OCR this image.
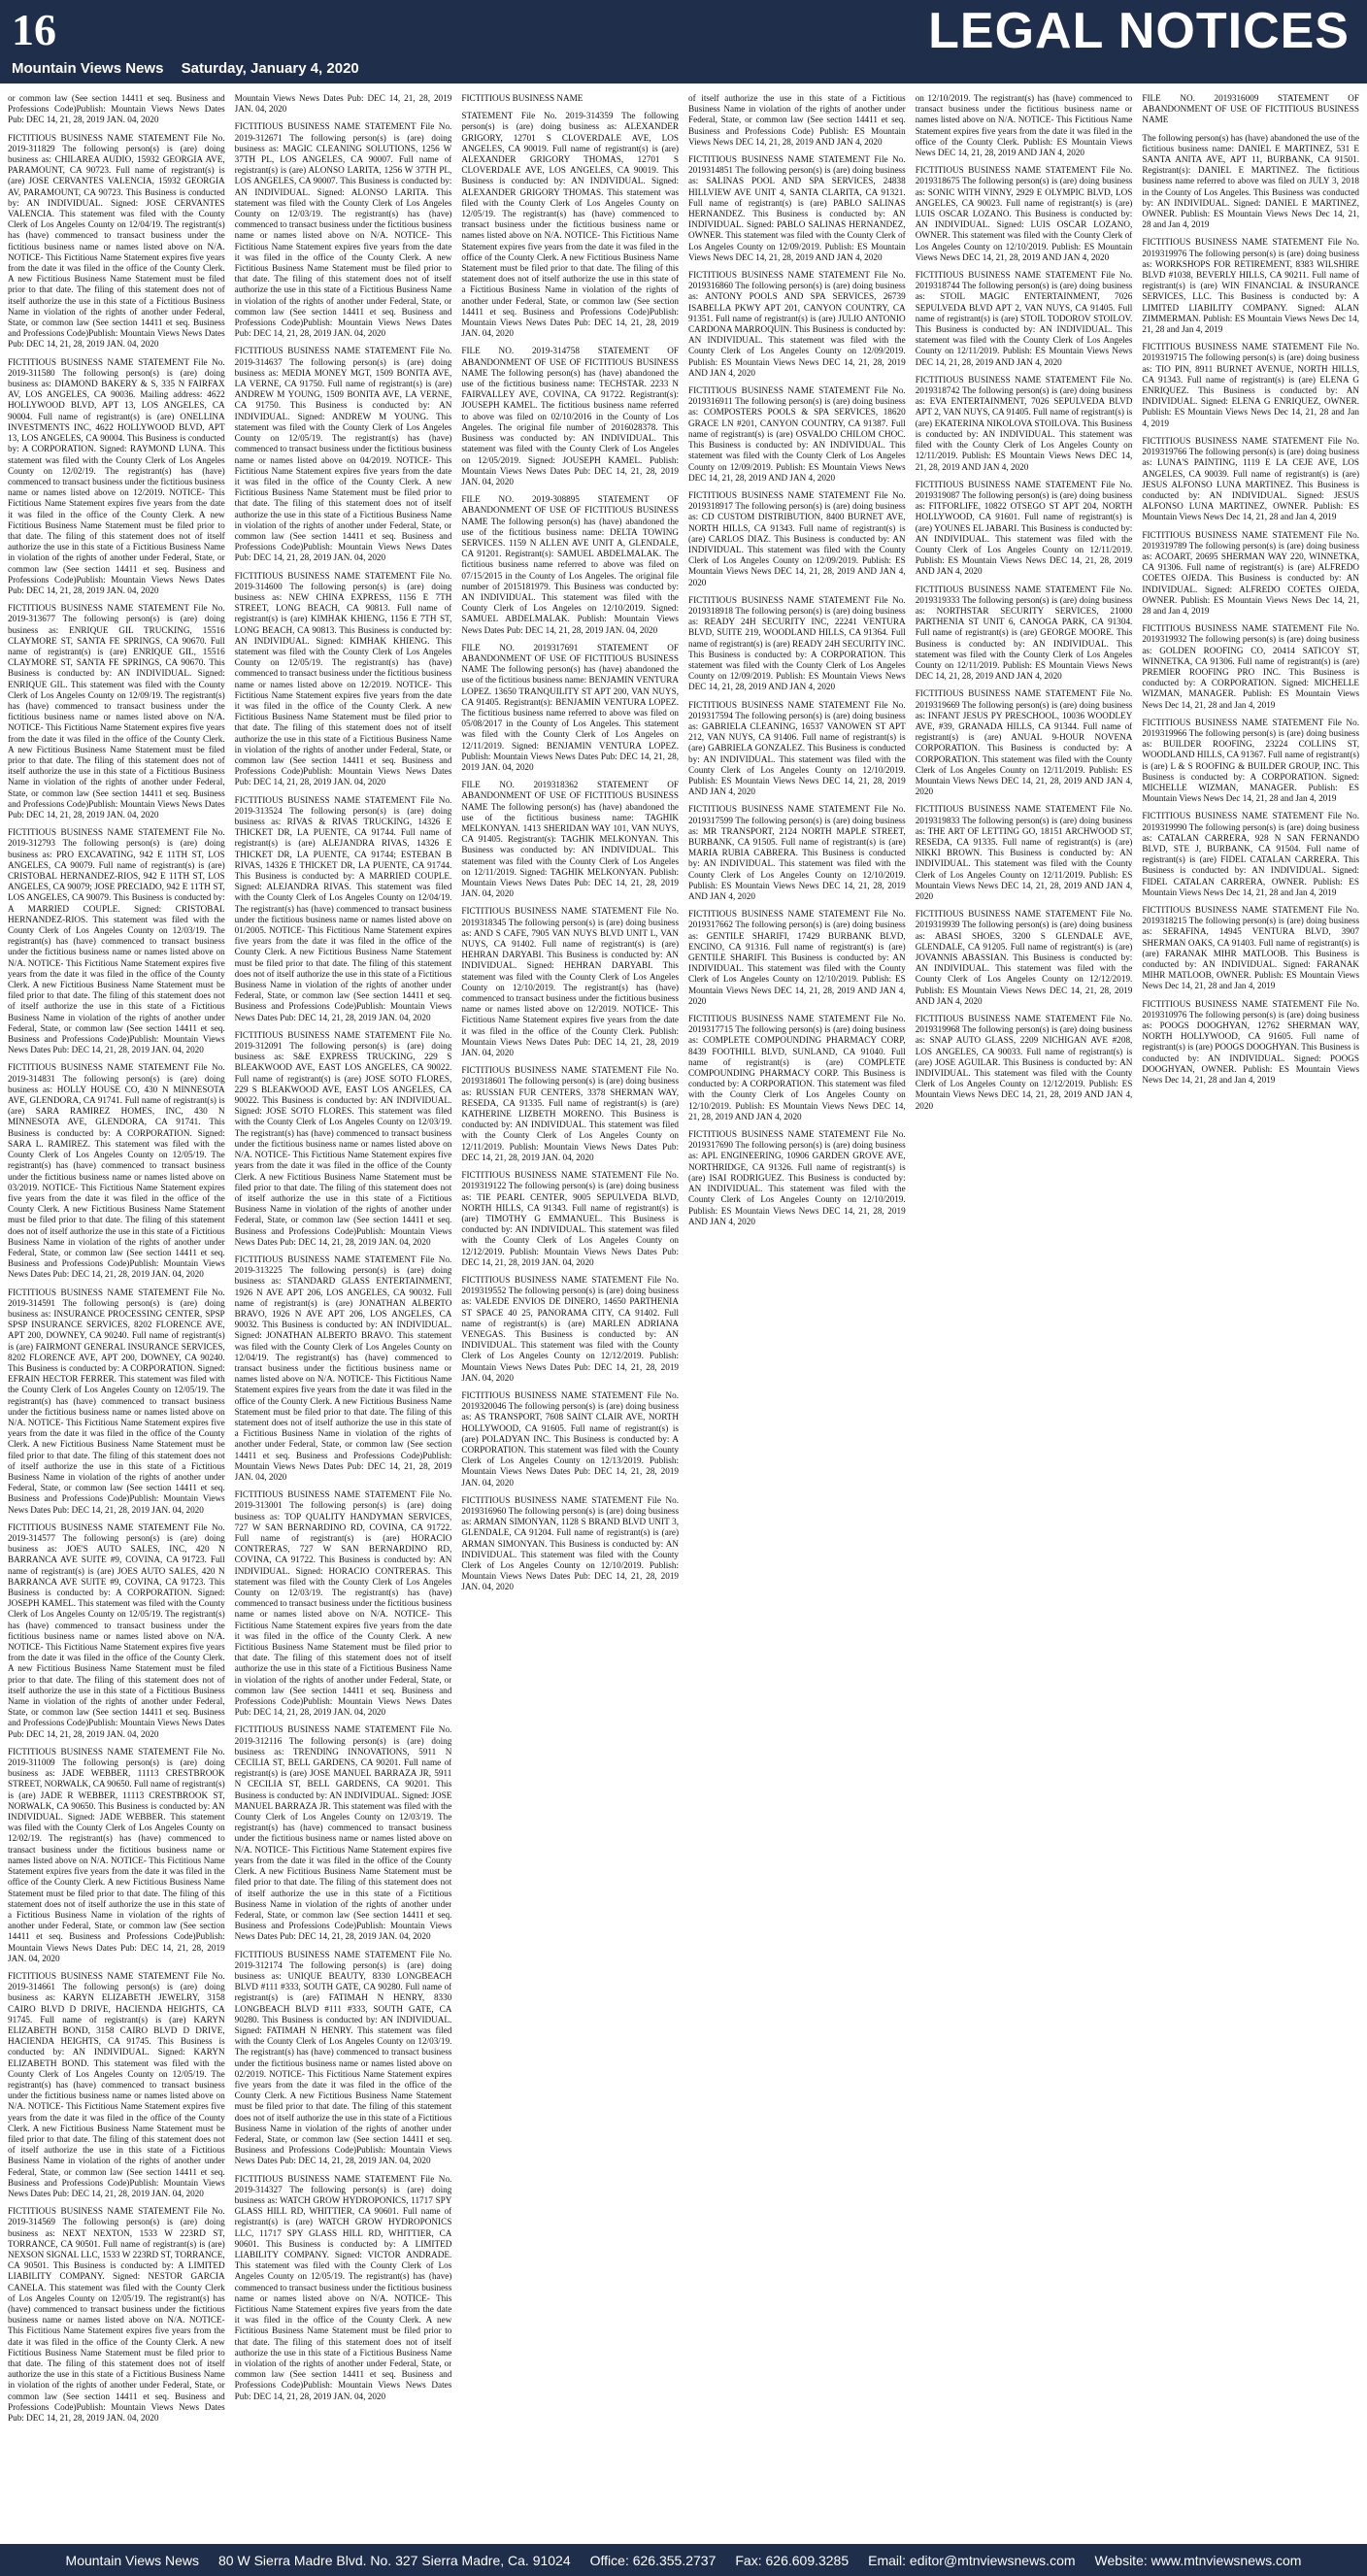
16	LEGAL NOTICES
Mountain Views News Saturday, January 4, 2020
or common law (See section 14411 et seq. Business and Professions Code)Publish: Mountain Views News Dates Pub: DEC 14, 21, 28, 2019 JAN. 04, 2020

FICTITIOUS BUSINESS NAME STATEMENT File No. 2019-311829 The following person(s) is (are) doing business as: CHILAREA AUDIO, 15932 GEORGIA AVE, PARAMOUNT, CA 90723. Full name of registrant(s) is (are) JOSE CERVANTES VALENCIA, 15932 GEORGIA AV, PARAMOUNT, CA 90723. This Business is conducted by: AN INDIVIDUAL. Signed: JOSE CERVANTES VALENCIA. This statement was filed with the County Clerk of Los Angeles County on 12/04/19. The registrant(s) has (have) commenced to transact business under the fictitious business name or names listed above on N/A. NOTICE- This Fictitious Name Statement expires five years from the date it was filed in the office of the County Clerk. A new Fictitious Business Name Statement must be filed prior to that date. The filing of this statement does not of itself authorize the use in this state of a Fictitious Business Name in violation of the rights of another under Federal, State, or common law (See section 14411 et seq. Business and Professions Code)Publish: Mountain Views News Dates Pub: DEC 14, 21, 28, 2019 JAN. 04, 2020

FICTITIOUS BUSINESS NAME STATEMENT File No. 2019-311580 The following person(s) is (are) doing business as: DIAMOND BAKERY & S, 335 N FAIRFAX AV, LOS ANGELES, CA 90036. Mailing address: 4622 HOLLYWOOD BLVD, APT 13, LOS ANGELES, CA 90004. Full name of registrant(s) is (are) ONELLINA INVESTMENTS INC, 4622 HOLLYWOOD BLVD, APT 13, LOS ANGELES, CA 90004. This Business is conducted by: A CORPORATION. Signed: RAYMOND LUNA. This statement was filed with the County Clerk of Los Angeles County on 12/02/19. The registrant(s) has (have) commenced to transact business under the fictitious business name or names listed above on 12/2019. NOTICE- This Fictitious Name Statement expires five years from the date it was filed in the office of the County Clerk. A new Fictitious Business Name Statement must be filed prior to that date. The filing of this statement does not of itself authorize the use in this state of a Fictitious Business Name in violation of the rights of another under Federal, State, or common law (See section 14411 et seq. Business and Professions Code)Publish: Mountain Views News Dates Pub: DEC 14, 21, 28, 2019 JAN. 04, 2020

FICTITIOUS BUSINESS NAME STATEMENT File No. 2019-313677 The following person(s) is (are) doing business as: ENRIQUE GIL TRUCKING, 15516 CLAYMORE ST, SANTA FE SPRINGS, CA 90670. Full name of registrant(s) is (are) ENRIQUE GIL, 15516 CLAYMORE ST, SANTA FE SPRINGS, CA 90670. This Business is conducted by: AN INDIVIDUAL. Signed: ENRIQUE GIL. This statement was filed with the County Clerk of Los Angeles County on 12/09/19. The registrant(s) has (have) commenced to transact business under the fictitious business name or names listed above on N/A. NOTICE- This Fictitious Name Statement expires five years from the date it was filed in the office of the County Clerk. A new Fictitious Business Name Statement must be filed prior to that date. The filing of this statement does not of itself authorize the use in this state of a Fictitious Business Name in violation of the rights of another under Federal, State, or common law (See section 14411 et seq. Business and Professions Code)Publish: Mountain Views News Dates Pub: DEC 14, 21, 28, 2019 JAN. 04, 2020

FICTITIOUS BUSINESS NAME STATEMENT File No. 2019-312793 The following person(s) is (are) doing business as: PRO EXCAVATING, 942 E 11TH ST, LOS ANGELES, CA 90079. Full name of registrant(s) is (are) CRISTOBAL HERNANDEZ-RIOS, 942 E 11TH ST, LOS ANGELES, CA 90079; JOSE PRECIADO, 942 E 11TH ST, LOS ANGELES, CA 90079. This Business is conducted by: A MARRIED COUPLE. Signed: CRISTOBAL HERNANDEZ-RIOS. This statement was filed with the County Clerk of Los Angeles County on 12/03/19. The registrant(s) has (have) commenced to transact business under the fictitious business name or names listed above on N/A. NOTICE- This Fictitious Name Statement expires five years from the date it was filed in the office of the County Clerk. A new Fictitious Business Name Statement must be filed prior to that date. The filing of this statement does not of itself authorize the use in this state of a Fictitious Business Name in violation of the rights of another under Federal, State, or common law (See section 14411 et seq. Business and Professions Code)Publish: Mountain Views News Dates Pub: DEC 14, 21, 28, 2019 JAN. 04, 2020

FICTITIOUS BUSINESS NAME STATEMENT File No. 2019-314831 The following person(s) is (are) doing business as: HOLLY HOUSE CO, 430 N MINNESOTA AVE, GLENDORA, CA 91741. Full name of registrant(s) is (are) SARA RAMIREZ HOMES, INC, 430 N MINNESOTA AVE, GLENDORA, CA 91741. This Business is conducted by: A CORPORATION. Signed: SARA L. RAMIREZ. This statement was filed with the County Clerk of Los Angeles County on 12/05/19. The registrant(s) has (have) commenced to transact business under the fictitious business name or names listed above on 03/2019. NOTICE- This Fictitious Name Statement expires five years from the date it was filed in the office of the County Clerk. A new Fictitious Business Name Statement must be filed prior to that date. The filing of this statement does not of itself authorize the use in this state of a Fictitious Business Name in violation of the rights of another under Federal, State, or common law (See section 14411 et seq. Business and Professions Code)Publish: Mountain Views News Dates Pub: DEC 14, 21, 28, 2019 JAN. 04, 2020

FICTITIOUS BUSINESS NAME STATEMENT File No. 2019-314591 The following person(s) is (are) doing business as: INSURANCE PROCESSING CENTER, SPSP SPSP INSURANCE SERVICES, 8202 FLORENCE AVE, APT 200, DOWNEY, CA 90240. Full name of registrant(s) is (are) FAIRMONT GENERAL INSURANCE SERVICES, 8202 FLORENCE AVE, APT 200, DOWNEY, CA 90240. This Business is conducted by: A CORPORATION. Signed: EFRAIN HECTOR FERRER. This statement was filed with the County Clerk of Los Angeles County on 12/05/19. The registrant(s) has (have) commenced to transact business under the fictitious business name or names listed above on N/A. NOTICE- This Fictitious Name Statement expires five years from the date it was filed in the office of the County Clerk. A new Fictitious Business Name Statement must be filed prior to that date. The filing of this statement does not of itself authorize the use in this state of a Fictitious Business Name in violation of the rights of another under Federal, State, or common law (See section 14411 et seq. Business and Professions Code)Publish: Mountain Views News Dates Pub: DEC 14, 21, 28, 2019 JAN. 04, 2020

FICTITIOUS BUSINESS NAME STATEMENT File No. 2019-314577 The following person(s) is (are) doing business as: JOE'S AUTO SALES, INC, 420 N BARRANCA AVE SUITE #9, COVINA, CA 91723. Full name of registrant(s) is (are) JOES AUTO SALES, 420 N BARRANCA AVE SUITE #9, COVINA, CA 91723. This Business is conducted by: A CORPORATION. Signed: JOSEPH KAMEL. This statement was filed with the County Clerk of Los Angeles County on 12/05/19. The registrant(s) has (have) commenced to transact business under the fictitious business name or names listed above on N/A. NOTICE- This Fictitious Name Statement expires five years from the date it was filed in the office of the County Clerk. A new Fictitious Business Name Statement must be filed prior to that date. The filing of this statement does not of itself authorize the use in this state of a Fictitious Business Name in violation of the rights of another under Federal, State, or common law (See section 14411 et seq. Business and Professions Code)Publish: Mountain Views News Dates Pub: DEC 14, 21, 28, 2019 JAN. 04, 2020

FICTITIOUS BUSINESS NAME STATEMENT File No. 2019-311009 The following person(s) is (are) doing business as: JADE WEBBER, 11113 CRESTBROOK STREET, NORWALK, CA 90650. Full name of registrant(s) is (are) JADE R WEBBER, 11113 CRESTBROOK ST, NORWALK, CA 90650. This Business is conducted by: AN INDIVIDUAL. Signed: JADE WEBBER. This statement was filed with the County Clerk of Los Angeles County on 12/02/19. The registrant(s) has (have) commenced to transact business under the fictitious business name or names listed above on N/A. NOTICE- This Fictitious Name Statement expires five years from the date it was filed in the office of the County Clerk. A new Fictitious Business Name Statement must be filed prior to that date. The filing of this statement does not of itself authorize the use in this state of a Fictitious Business Name in violation of the rights of another under Federal, State, or common law (See section 14411 et seq. Business and Professions Code)Publish: Mountain Views News Dates Pub: DEC 14, 21, 28, 2019 JAN. 04, 2020

FICTITIOUS BUSINESS NAME STATEMENT File No. 2019-314661 The following person(s) is (are) doing business as: KARYN ELIZABETH JEWELRY, 3158 CAIRO BLVD D DRIVE, HACIENDA HEIGHTS, CA 91745. Full name of registrant(s) is (are) KARYN ELIZABETH BOND, 3158 CAIRO BLVD D DRIVE, HACIENDA HEIGHTS, CA 91745. This Business is conducted by: AN INDIVIDUAL. Signed: KARYN ELIZABETH BOND. This statement was filed with the County Clerk of Los Angeles County on 12/05/19. The registrant(s) has (have) commenced to transact business under the fictitious business name or names listed above on N/A. NOTICE- This Fictitious Name Statement expires five years from the date it was filed in the office of the County Clerk. A new Fictitious Business Name Statement must be filed prior to that date. The filing of this statement does not of itself authorize the use in this state of a Fictitious Business Name in violation of the rights of another under Federal, State, or common law (See section 14411 et seq. Business and Professions Code)Publish: Mountain Views News Dates Pub: DEC 14, 21, 28, 2019 JAN. 04, 2020

FICTITIOUS BUSINESS NAME STATEMENT File No. 2019-314569 The following person(s) is (are) doing business as: NEXT NEXTON, 1533 W 223RD ST, TORRANCE, CA 90501. Full name of registrant(s) is (are) NEXSON SIGNAL LLC, 1533 W 223RD ST, TORRANCE, CA 90501. This Business is conducted by: A LIMITED LIABILITY COMPANY. Signed: NESTOR GARCIA CANELA. This statement was filed with the County Clerk of Los Angeles County on 12/05/19. The registrant(s) has (have) commenced to transact business under the fictitious business name or names listed above on N/A. NOTICE- This Fictitious Name Statement expires five years from the date it was filed in the office of the County Clerk. A new Fictitious Business Name Statement must be filed prior to that date. The filing of this statement does not of itself authorize the use in this state of a Fictitious Business Name in violation of the rights of another under Federal, State, or common law (See section 14411 et seq. Business and Professions Code)Publish: Mountain Views News Dates Pub: DEC 14, 21, 28, 2019 JAN. 04, 2020

Mountain Views News Dates Pub: DEC 14, 21, 28, 2019 JAN. 04, 2020

FICTITIOUS BUSINESS NAME STATEMENT File No. 2019-312671 The following person(s) is (are) doing business as: MAGIC CLEANING SOLUTIONS, 1256 W 37TH PL, LOS ANGELES, CA 90007. Full name of registrant(s) is (are) ALONSO LARITA, 1256 W 37TH PL, LOS ANGELES, CA 90007. This Business is conducted by: AN INDIVIDUAL. Signed: ALONSO LARITA. This statement was filed with the County Clerk of Los Angeles County on 12/03/19. The registrant(s) has (have) commenced to transact business under the fictitious business name or names listed above on N/A. NOTICE- This Fictitious Name Statement expires five years from the date it was filed in the office of the County Clerk. A new Fictitious Business Name Statement must be filed prior to that date. The filing of this statement does not of itself authorize the use in this state of a Fictitious Business Name in violation of the rights of another under Federal, State, or common law (See section 14411 et seq. Business and Professions Code)Publish: Mountain Views News Dates Pub: DEC 14, 21, 28, 2019 JAN. 04, 2020

FICTITIOUS BUSINESS NAME STATEMENT File No. 2019-314637 The following person(s) is (are) doing business as: MEDIA MONEY MGT, 1509 BONITA AVE, LA VERNE, CA 91750. Full name of registrant(s) is (are) ANDREW M YOUNG, 1509 BONITA AVE, LA VERNE, CA 91750. This Business is conducted by: AN INDIVIDUAL. Signed: ANDREW M YOUNG. This statement was filed with the County Clerk of Los Angeles County on 12/05/19. The registrant(s) has (have) commenced to transact business under the fictitious business name or names listed above on 04/2019. NOTICE- This Fictitious Name Statement expires five years from the date it was filed in the office of the County Clerk. A new Fictitious Business Name Statement must be filed prior to that date. The filing of this statement does not of itself authorize the use in this state of a Fictitious Business Name in violation of the rights of another under Federal, State, or common law (See section 14411 et seq. Business and Professions Code)Publish: Mountain Views News Dates Pub: DEC 14, 21, 28, 2019 JAN. 04, 2020

FICTITIOUS BUSINESS NAME STATEMENT File No. 2019-314600 The following person(s) is (are) doing business as: NEW CHINA EXPRESS, 1156 E 7TH STREET, LONG BEACH, CA 90813. Full name of registrant(s) is (are) KIMHAK KHIENG, 1156 E 7TH ST, LONG BEACH, CA 90813. This Business is conducted by: AN INDIVIDUAL. Signed: KIMHAK KHIENG. This statement was filed with the County Clerk of Los Angeles County on 12/05/19. The registrant(s) has (have) commenced to transact business under the fictitious business name or names listed above on 12/2019. NOTICE- This Fictitious Name Statement expires five years from the date it was filed in the office of the County Clerk. A new Fictitious Business Name Statement must be filed prior to that date. The filing of this statement does not of itself authorize the use in this state of a Fictitious Business Name in violation of the rights of another under Federal, State, or common law (See section 14411 et seq. Business and Professions Code)Publish: Mountain Views News Dates Pub: DEC 14, 21, 28, 2019 JAN. 04, 2020

FICTITIOUS BUSINESS NAME STATEMENT File No. 2019-313524 The following person(s) is (are) doing business as: RIVAS & RIVAS TRUCKING, 14326 E THICKET DR, LA PUENTE, CA 91744. Full name of registrant(s) is (are) ALEJANDRA RIVAS, 14326 E THICKET DR, LA PUENTE, CA 91744; ESTEBAN B RIVAS, 14326 E THICKET DR, LA PUENTE, CA 91744. This Business is conducted by: A MARRIED COUPLE. Signed: ALEJANDRA RIVAS. This statement was filed with the County Clerk of Los Angeles County on 12/04/19. The registrant(s) has (have) commenced to transact business under the fictitious business name or names listed above on 01/2005. NOTICE- This Fictitious Name Statement expires five years from the date it was filed in the office of the County Clerk. A new Fictitious Business Name Statement must be filed prior to that date. The filing of this statement does not of itself authorize the use in this state of a Fictitious Business Name in violation of the rights of another under Federal, State, or common law (See section 14411 et seq. Business and Professions Code)Publish: Mountain Views News Dates Pub: DEC 14, 21, 28, 2019 JAN. 04, 2020

FICTITIOUS BUSINESS NAME STATEMENT File No. 2019-312091 The following person(s) is (are) doing business as: S&E EXPRESS TRUCKING, 229 S BLEAKWOOD AVE, EAST LOS ANGELES, CA 90022. Full name of registrant(s) is (are) JOSE SOTO FLORES, 229 S BLEAKWOOD AVE, EAST LOS ANGELES, CA 90022. This Business is conducted by: AN INDIVIDUAL. Signed: JOSE SOTO FLORES. This statement was filed with the County Clerk of Los Angeles County on 12/03/19. The registrant(s) has (have) commenced to transact business under the fictitious business name or names listed above on N/A. NOTICE- This Fictitious Name Statement expires five years from the date it was filed in the office of the County Clerk. A new Fictitious Business Name Statement must be filed prior to that date. The filing of this statement does not of itself authorize the use in this state of a Fictitious Business Name in violation of the rights of another under Federal, State, or common law (See section 14411 et seq. Business and Professions Code)Publish: Mountain Views News Dates Pub: DEC 14, 21, 28, 2019 JAN. 04, 2020

FICTITIOUS BUSINESS NAME STATEMENT File No. 2019-313225 The following person(s) is (are) doing business as: STANDARD GLASS ENTERTAINMENT, 1926 N AVE APT 206, LOS ANGELES, CA 90032. Full name of registrant(s) is (are) JONATHAN ALBERTO BRAVO, 1926 N AVE APT 206, LOS ANGELES, CA 90032. This Business is conducted by: AN INDIVIDUAL. Signed: JONATHAN ALBERTO BRAVO. This statement was filed with the County Clerk of Los Angeles County on 12/04/19. The registrant(s) has (have) commenced to transact business under the fictitious business name or names listed above on N/A. NOTICE- This Fictitious Name Statement expires five years from the date it was filed in the office of the County Clerk. A new Fictitious Business Name Statement must be filed prior to that date. The filing of this statement does not of itself authorize the use in this state of a Fictitious Business Name in violation of the rights of another under Federal, State, or common law (See section 14411 et seq. Business and Professions Code)Publish: Mountain Views News Dates Pub: DEC 14, 21, 28, 2019 JAN. 04, 2020

FICTITIOUS BUSINESS NAME STATEMENT File No. 2019-313001 The following person(s) is (are) doing business as: TOP QUALITY HANDYMAN SERVICES, 727 W SAN BERNARDINO RD, COVINA, CA 91722. Full name of registrant(s) is (are) HORACIO CONTRERAS, 727 W SAN BERNARDINO RD, COVINA, CA 91722. This Business is conducted by: AN INDIVIDUAL. Signed: HORACIO CONTRERAS. This statement was filed with the County Clerk of Los Angeles County on 12/03/19. The registrant(s) has (have) commenced to transact business under the fictitious business name or names listed above on N/A. NOTICE- This Fictitious Name Statement expires five years from the date it was filed in the office of the County Clerk. A new Fictitious Business Name Statement must be filed prior to that date. The filing of this statement does not of itself authorize the use in this state of a Fictitious Business Name in violation of the rights of another under Federal, State, or common law (See section 14411 et seq. Business and Professions Code)Publish: Mountain Views News Dates Pub: DEC 14, 21, 28, 2019 JAN. 04, 2020

FICTITIOUS BUSINESS NAME STATEMENT File No. 2019-312116 The following person(s) is (are) doing business as: TRENDING INNOVATIONS, 5911 N CECILIA ST, BELL GARDENS, CA 90201. Full name of registrant(s) is (are) JOSE MANUEL BARRAZA JR, 5911 N CECILIA ST, BELL GARDENS, CA 90201. This Business is conducted by: AN INDIVIDUAL. Signed: JOSE MANUEL BARRAZA JR. This statement was filed with the County Clerk of Los Angeles County on 12/03/19. The registrant(s) has (have) commenced to transact business under the fictitious business name or names listed above on N/A. NOTICE- This Fictitious Name Statement expires five years from the date it was filed in the office of the County Clerk. A new Fictitious Business Name Statement must be filed prior to that date. The filing of this statement does not of itself authorize the use in this state of a Fictitious Business Name in violation of the rights of another under Federal, State, or common law (See section 14411 et seq. Business and Professions Code)Publish: Mountain Views News Dates Pub: DEC 14, 21, 28, 2019 JAN. 04, 2020

FICTITIOUS BUSINESS NAME STATEMENT File No. 2019-312174 The following person(s) is (are) doing business as: UNIQUE BEAUTY, 8330 LONGBEACH BLVD #111 #333, SOUTH GATE, CA 90280. Full name of registrant(s) is (are) FATIMAH N HENRY, 8330 LONGBEACH BLVD #111 #333, SOUTH GATE, CA 90280. This Business is conducted by: AN INDIVIDUAL. Signed: FATIMAH N HENRY. This statement was filed with the County Clerk of Los Angeles County on 12/03/19. The registrant(s) has (have) commenced to transact business under the fictitious business name or names listed above on 02/2019. NOTICE- This Fictitious Name Statement expires five years from the date it was filed in the office of the County Clerk. A new Fictitious Business Name Statement must be filed prior to that date. The filing of this statement does not of itself authorize the use in this state of a Fictitious Business Name in violation of the rights of another under Federal, State, or common law (See section 14411 et seq. Business and Professions Code)Publish: Mountain Views News Dates Pub: DEC 14, 21, 28, 2019 JAN. 04, 2020

FICTITIOUS BUSINESS NAME STATEMENT File No. 2019-314327 The following person(s) is (are) doing business as: WATCH GROW HYDROPONICS, 11717 SPY GLASS HILL RD, WHITTIER, CA 90601. Full name of registrant(s) is (are) WATCH GROW HYDROPONICS LLC, 11717 SPY GLASS HILL RD, WHITTIER, CA 90601. This Business is conducted by: A LIMITED LIABILITY COMPANY. Signed: VICTOR ANDRADE. This statement was filed with the County Clerk of Los Angeles County on 12/05/19. The registrant(s) has (have) commenced to transact business under the fictitious business name or names listed above on N/A. NOTICE- This Fictitious Name Statement expires five years from the date it was filed in the office of the County Clerk. A new Fictitious Business Name Statement must be filed prior to that date. The filing of this statement does not of itself authorize the use in this state of a Fictitious Business Name in violation of the rights of another under Federal, State, or common law (See section 14411 et seq. Business and Professions Code)Publish: Mountain Views News Dates Pub: DEC 14, 21, 28, 2019 JAN. 04, 2020

FICTITIOUS BUSINESS NAME

STATEMENT File No. 2019-314359 The following person(s) is (are) doing business as: ALEXANDER GRIGORY, 12701 S CLOVERDALE AVE, LOS ANGELES, CA 90019. Full name of registrant(s) is (are) ALEXANDER GRIGORY THOMAS, 12701 S CLOVERDALE AVE, LOS ANGELES, CA 90019. This Business is conducted by: AN INDIVIDUAL. Signed: ALEXANDER GRIGORY THOMAS. This statement was filed with the County Clerk of Los Angeles County on 12/05/19. The registrant(s) has (have) commenced to transact business under the fictitious business name or names listed above on N/A. NOTICE- This Fictitious Name Statement expires five years from the date it was filed in the office of the County Clerk. A new Fictitious Business Name Statement must be filed prior to that date. The filing of this statement does not of itself authorize the use in this state of a Fictitious Business Name in violation of the rights of another under Federal, State, or common law (See section 14411 et seq. Business and Professions Code)Publish: Mountain Views News Dates Pub: DEC 14, 21, 28, 2019 JAN. 04, 2020

FILE NO. 2019-314758 STATEMENT OF ABANDONMENT OF USE OF FICTITIOUS BUSINESS NAME The following person(s) has (have) abandoned the use of the fictitious business name: TECHSTAR. 2233 N FAIRVALLEY AVE, COVINA, CA 91722. Registrant(s): JOUSEPH KAMEL. The fictitious business name referred to above was filed on 02/10/2016 in the County of Los Angeles. The original file number of 2016028378. This Business was conducted by: AN INDIVIDUAL. This statement was filed with the County Clerk of Los Angeles on 12/05/2019. Signed: JOUSEPH KAMEL. Publish: Mountain Views News Dates Pub: DEC 14, 21, 28, 2019 JAN. 04, 2020

FILE NO. 2019-308895 STATEMENT OF ABANDONMENT OF USE OF FICTITIOUS BUSINESS NAME The following person(s) has (have) abandoned the use of the fictitious business name: DELTA TOWING SERVICES. 1159 N ALLEN AVE UNIT A, GLENDALE, CA 91201. Registrant(s): SAMUEL ABDELMALAK. The fictitious business name referred to above was filed on 07/15/2015 in the County of Los Angeles. The original file number of 2015181979. This Business was conducted by: AN INDIVIDUAL. This statement was filed with the County Clerk of Los Angeles on 12/10/2019. Signed: SAMUEL ABDELMALAK. Publish: Mountain Views News Dates Pub: DEC 14, 21, 28, 2019 JAN. 04, 2020

FILE NO. 2019317691 STATEMENT OF ABANDONMENT OF USE OF FICTITIOUS BUSINESS NAME The following person(s) has (have) abandoned the use of the fictitious business name: BENJAMIN VENTURA LOPEZ. 13650 TRANQUILITY ST APT 200, VAN NUYS, CA 91405. Registrant(s): BENJAMIN VENTURA LOPEZ. The fictitious business name referred to above was filed on 05/08/2017 in the County of Los Angeles. This statement was filed with the County Clerk of Los Angeles on 12/11/2019. Signed: BENJAMIN VENTURA LOPEZ. Publish: Mountain Views News Dates Pub: DEC 14, 21, 28, 2019 JAN. 04, 2020

FILE NO. 2019318362 STATEMENT OF ABANDONMENT OF USE OF FICTITIOUS BUSINESS NAME The following person(s) has (have) abandoned the use of the fictitious business name: TAGHIK MELKONYAN. 1413 SHERIDAN WAY 101, VAN NUYS, CA 91405. Registrant(s): TAGHIK MELKONYAN. This Business was conducted by: AN INDIVIDUAL. This statement was filed with the County Clerk of Los Angeles on 12/11/2019. Signed: TAGHIK MELKONYAN. Publish: Mountain Views News Dates Pub: DEC 14, 21, 28, 2019 JAN. 04, 2020

FICTITIOUS BUSINESS NAME STATEMENT File No. 2019318345 The following person(s) is (are) doing business as: AND S CAFE, 7905 VAN NUYS BLVD UNIT L, VAN NUYS, CA 91402. Full name of registrant(s) is (are) HEHRAN DARYABI. This Business is conducted by: AN INDIVIDUAL. Signed: HEHRAN DARYABI. This statement was filed with the County Clerk of Los Angeles County on 12/10/2019. The registrant(s) has (have) commenced to transact business under the fictitious business name or names listed above on 12/2019. NOTICE- This Fictitious Name Statement expires five years from the date it was filed in the office of the County Clerk. Publish: Mountain Views News Dates Pub: DEC 14, 21, 28, 2019 JAN. 04, 2020

FICTITIOUS BUSINESS NAME STATEMENT File No. 2019318601 The following person(s) is (are) doing business as: RUSSIAN FUR CENTERS, 3378 SHERMAN WAY, RESEDA, CA 91335. Full name of registrant(s) is (are) KATHERINE LIZBETH MORENO. This Business is conducted by: AN INDIVIDUAL. This statement was filed with the County Clerk of Los Angeles County on 12/11/2019. Publish: Mountain Views News Dates Pub: DEC 14, 21, 28, 2019 JAN. 04, 2020

FICTITIOUS BUSINESS NAME STATEMENT File No. 2019319122 The following person(s) is (are) doing business as: TIE PEARL CENTER, 9005 SEPULVEDA BLVD, NORTH HILLS, CA 91343. Full name of registrant(s) is (are) TIMOTHY G EMMANUEL. This Business is conducted by: AN INDIVIDUAL. This statement was filed with the County Clerk of Los Angeles County on 12/12/2019. Publish: Mountain Views News Dates Pub: DEC 14, 21, 28, 2019 JAN. 04, 2020

FICTITIOUS BUSINESS NAME STATEMENT File No. 2019319552 The following person(s) is (are) doing business as: VALEDE ENVIOS DE DINERO, 14650 PARTHENIA ST SPACE 40 25, PANORAMA CITY, CA 91402. Full name of registrant(s) is (are) MARLEN ADRIANA VENEGAS. This Business is conducted by: AN INDIVIDUAL. This statement was filed with the County Clerk of Los Angeles County on 12/12/2019. Publish: Mountain Views News Dates Pub: DEC 14, 21, 28, 2019 JAN. 04, 2020

FICTITIOUS BUSINESS NAME STATEMENT File No. 2019320046 The following person(s) is (are) doing business as: AS TRANSPORT, 7608 SAINT CLAIR AVE, NORTH HOLLYWOOD, CA 91605. Full name of registrant(s) is (are) POLADYAN INC. This Business is conducted by: A CORPORATION. This statement was filed with the County Clerk of Los Angeles County on 12/13/2019. Publish: Mountain Views News Dates Pub: DEC 14, 21, 28, 2019 JAN. 04, 2020

FICTITIOUS BUSINESS NAME STATEMENT File No. 2019316960 The following person(s) is (are) doing business as: ARMAN SIMONYAN, 1128 S BRAND BLVD UNIT 3, GLENDALE, CA 91204. Full name of registrant(s) is (are) ARMAN SIMONYAN. This Business is conducted by: AN INDIVIDUAL. This statement was filed with the County Clerk of Los Angeles County on 12/10/2019. Publish: Mountain Views News Dates Pub: DEC 14, 21, 28, 2019 JAN. 04, 2020

of itself authorize the use in this state of a Fictitious Business Name in violation of the rights of another under Federal, State, or common law (See section 14411 et seq. Business and Professions Code) Publish: ES Mountain Views News DEC 14, 21, 28, 2019 AND JAN 4, 2020

FICTITIOUS BUSINESS NAME STATEMENT File No. 2019314851 The following person(s) is (are) doing business as: SALINAS POOL AND SPA SERVICES, 24838 HILLVIEW AVE UNIT 4, SANTA CLARITA, CA 91321. Full name of registrant(s) is (are) PABLO SALINAS HERNANDEZ. This Business is conducted by: AN INDIVIDUAL. Signed: PABLO SALINAS HERNANDEZ, OWNER. This statement was filed with the County Clerk of Los Angeles County on 12/09/2019. Publish: ES Mountain Views News DEC 14, 21, 28, 2019 AND JAN 4, 2020

FICTITIOUS BUSINESS NAME STATEMENT File No. 2019316860 The following person(s) is (are) doing business as: ANTONY POOLS AND SPA SERVICES, 26739 ISABELLA PKWY APT 201, CANYON COUNTRY, CA 91351. Full name of registrant(s) is (are) JULIO ANTONIO CARDONA MARROQUIN. This Business is conducted by: AN INDIVIDUAL. This statement was filed with the County Clerk of Los Angeles County on 12/09/2019. Publish: ES Mountain Views News DEC 14, 21, 28, 2019 AND JAN 4, 2020

FICTITIOUS BUSINESS NAME STATEMENT File No. 2019316911 The following person(s) is (are) doing business as: COMPOSTERS POOLS & SPA SERVICES, 18620 GRACE LN #201, CANYON COUNTRY, CA 91387. Full name of registrant(s) is (are) OSVALDO CHILOM CHOC. This Business is conducted by: AN INDIVIDUAL. This statement was filed with the County Clerk of Los Angeles County on 12/09/2019. Publish: ES Mountain Views News DEC 14, 21, 28, 2019 AND JAN 4, 2020

FICTITIOUS BUSINESS NAME STATEMENT File No. 2019318917 The following person(s) is (are) doing business as: CD CUSTOM DISTRIBUTION, 8400 BURNET AVE, NORTH HILLS, CA 91343. Full name of registrant(s) is (are) CARLOS DIAZ. This Business is conducted by: AN INDIVIDUAL. This statement was filed with the County Clerk of Los Angeles County on 12/09/2019. Publish: ES Mountain Views News DEC 14, 21, 28, 2019 AND JAN 4, 2020

FICTITIOUS BUSINESS NAME STATEMENT File No. 2019318918 The following person(s) is (are) doing business as: READY 24H SECURITY INC, 22241 VENTURA BLVD, SUITE 219, WOODLAND HILLS, CA 91364. Full name of registrant(s) is (are) READY 24H SECURITY INC. This Business is conducted by: A CORPORATION. This statement was filed with the County Clerk of Los Angeles County on 12/09/2019. Publish: ES Mountain Views News DEC 14, 21, 28, 2019 AND JAN 4, 2020

FICTITIOUS BUSINESS NAME STATEMENT File No. 2019317594 The following person(s) is (are) doing business as: GABRIELA CLEANING, 16537 VANOWEN ST APT 212, VAN NUYS, CA 91406. Full name of registrant(s) is (are) GABRIELA GONZALEZ. This Business is conducted by: AN INDIVIDUAL. This statement was filed with the County Clerk of Los Angeles County on 12/10/2019. Publish: ES Mountain Views News DEC 14, 21, 28, 2019 AND JAN 4, 2020

FICTITIOUS BUSINESS NAME STATEMENT File No. 2019317599 The following person(s) is (are) doing business as: MR TRANSPORT, 2124 NORTH MAPLE STREET, BURBANK, CA 91505. Full name of registrant(s) is (are) MARIA RUBIA CABRERA. This Business is conducted by: AN INDIVIDUAL. This statement was filed with the County Clerk of Los Angeles County on 12/10/2019. Publish: ES Mountain Views News DEC 14, 21, 28, 2019 AND JAN 4, 2020

FICTITIOUS BUSINESS NAME STATEMENT File No. 2019317662 The following person(s) is (are) doing business as: GENTILE SHARIFI, 17429 BURBANK BLVD, ENCINO, CA 91316. Full name of registrant(s) is (are) GENTILE SHARIFI. This Business is conducted by: AN INDIVIDUAL. This statement was filed with the County Clerk of Los Angeles County on 12/10/2019. Publish: ES Mountain Views News DEC 14, 21, 28, 2019 AND JAN 4, 2020

FICTITIOUS BUSINESS NAME STATEMENT File No. 2019317715 The following person(s) is (are) doing business as: COMPLETE COMPOUNDING PHARMACY CORP, 8439 FOOTHILL BLVD, SUNLAND, CA 91040. Full name of registrant(s) is (are) COMPLETE COMPOUNDING PHARMACY CORP. This Business is conducted by: A CORPORATION. This statement was filed with the County Clerk of Los Angeles County on 12/10/2019. Publish: ES Mountain Views News DEC 14, 21, 28, 2019 AND JAN 4, 2020

FICTITIOUS BUSINESS NAME STATEMENT File No. 2019317690 The following person(s) is (are) doing business as: APL ENGINEERING, 10906 GARDEN GROVE AVE, NORTHRIDGE, CA 91326. Full name of registrant(s) is (are) ISAI RODRIGUEZ. This Business is conducted by: AN INDIVIDUAL. This statement was filed with the County Clerk of Los Angeles County on 12/10/2019. Publish: ES Mountain Views News DEC 14, 21, 28, 2019 AND JAN 4, 2020

on 12/10/2019. The registrant(s) has (have) commenced to transact business under the fictitious business name or names listed above on N/A. NOTICE- This Fictitious Name Statement expires five years from the date it was filed in the office of the County Clerk. Publish: ES Mountain Views News DEC 14, 21, 28, 2019 AND JAN 4, 2020

FICTITIOUS BUSINESS NAME STATEMENT File No. 2019318675 The following person(s) is (are) doing business as: SONIC WITH VINNY, 2929 E OLYMPIC BLVD, LOS ANGELES, CA 90023. Full name of registrant(s) is (are) LUIS OSCAR LOZANO. This Business is conducted by: AN INDIVIDUAL. Signed: LUIS OSCAR LOZANO, OWNER. This statement was filed with the County Clerk of Los Angeles County on 12/10/2019. Publish: ES Mountain Views News DEC 14, 21, 28, 2019 AND JAN 4, 2020

FICTITIOUS BUSINESS NAME STATEMENT File No. 2019318744 The following person(s) is (are) doing business as: STOIL MAGIC ENTERTAINMENT, 7026 SEPULVEDA BLVD APT 2, VAN NUYS, CA 91405. Full name of registrant(s) is (are) STOIL TODOROV STOILOV. This Business is conducted by: AN INDIVIDUAL. This statement was filed with the County Clerk of Los Angeles County on 12/11/2019. Publish: ES Mountain Views News DEC 14, 21, 28, 2019 AND JAN 4, 2020

FICTITIOUS BUSINESS NAME STATEMENT File No. 2019318742 The following person(s) is (are) doing business as: EVA ENTERTAINMENT, 7026 SEPULVEDA BLVD APT 2, VAN NUYS, CA 91405. Full name of registrant(s) is (are) EKATERINA NIKOLOVA STOILOVA. This Business is conducted by: AN INDIVIDUAL. This statement was filed with the County Clerk of Los Angeles County on 12/11/2019. Publish: ES Mountain Views News DEC 14, 21, 28, 2019 AND JAN 4, 2020

FICTITIOUS BUSINESS NAME STATEMENT File No. 2019319087 The following person(s) is (are) doing business as: FITFORLIFE, 10822 OTSEGO ST APT 204, NORTH HOLLYWOOD, CA 91601. Full name of registrant(s) is (are) YOUNES EL JABARI. This Business is conducted by: AN INDIVIDUAL. This statement was filed with the County Clerk of Los Angeles County on 12/11/2019. Publish: ES Mountain Views News DEC 14, 21, 28, 2019 AND JAN 4, 2020

FICTITIOUS BUSINESS NAME STATEMENT File No. 2019319333 The following person(s) is (are) doing business as: NORTHSTAR SECURITY SERVICES, 21000 PARTHENIA ST UNIT 6, CANOGA PARK, CA 91304. Full name of registrant(s) is (are) GEORGE MOORE. This Business is conducted by: AN INDIVIDUAL. This statement was filed with the County Clerk of Los Angeles County on 12/11/2019. Publish: ES Mountain Views News DEC 14, 21, 28, 2019 AND JAN 4, 2020

FICTITIOUS BUSINESS NAME STATEMENT File No. 2019319669 The following person(s) is (are) doing business as: INFANT JESUS PY PRESCHOOL, 10036 WOODLEY AVE, #39, GRANADA HILLS, CA 91344. Full name of registrant(s) is (are) ANUAL 9-HOUR NOVENA CORPORATION. This Business is conducted by: A CORPORATION. This statement was filed with the County Clerk of Los Angeles County on 12/11/2019. Publish: ES Mountain Views News DEC 14, 21, 28, 2019 AND JAN 4, 2020

FICTITIOUS BUSINESS NAME STATEMENT File No. 2019319833 The following person(s) is (are) doing business as: THE ART OF LETTING GO, 18151 ARCHWOOD ST, RESEDA, CA 91335. Full name of registrant(s) is (are) NIKKI BROWN. This Business is conducted by: AN INDIVIDUAL. This statement was filed with the County Clerk of Los Angeles County on 12/11/2019. Publish: ES Mountain Views News DEC 14, 21, 28, 2019 AND JAN 4, 2020

FICTITIOUS BUSINESS NAME STATEMENT File No. 2019319939 The following person(s) is (are) doing business as: ABASI SHOES, 3200 S GLENDALE AVE, GLENDALE, CA 91205. Full name of registrant(s) is (are) JOVANNIS ABASSIAN. This Business is conducted by: AN INDIVIDUAL. This statement was filed with the County Clerk of Los Angeles County on 12/12/2019. Publish: ES Mountain Views News DEC 14, 21, 28, 2019 AND JAN 4, 2020

FICTITIOUS BUSINESS NAME STATEMENT File No. 2019319968 The following person(s) is (are) doing business as: SNAP AUTO GLASS, 2209 NICHIGAN AVE #208, LOS ANGELES, CA 90033. Full name of registrant(s) is (are) JOSE AGUILAR. This Business is conducted by: AN INDIVIDUAL. This statement was filed with the County Clerk of Los Angeles County on 12/12/2019. Publish: ES Mountain Views News DEC 14, 21, 28, 2019 AND JAN 4, 2020

FILE NO. 2019316009 STATEMENT OF ABANDONMENT OF USE OF FICTITIOUS BUSINESS NAME

The following person(s) has (have) abandoned the use of the fictitious business name: DANIEL E MARTINEZ, 531 E SANTA ANITA AVE, APT 11, BURBANK, CA 91501. Registrant(s): DANIEL E MARTINEZ. The fictitious business name referred to above was filed on JULY 3, 2018 in the County of Los Angeles. This Business was conducted by: AN INDIVIDUAL. Signed: DANIEL E MARTINEZ, OWNER. Publish: ES Mountain Views News Dec 14, 21, 28 and Jan 4, 2019

FICTITIOUS BUSINESS NAME STATEMENT File No. 2019319976 The following person(s) is (are) doing business as: WORKSHOPS FOR RETIREMENT, 8383 WILSHIRE BLVD #1038, BEVERLY HILLS, CA 90211. Full name of registrant(s) is (are) WIN FINANCIAL & INSURANCE SERVICES, LLC. This Business is conducted by: A LIMITED LIABILITY COMPANY. Signed: ALAN ZIMMERMAN. Publish: ES Mountain Views News Dec 14, 21, 28 and Jan 4, 2019

FICTITIOUS BUSINESS NAME STATEMENT File No. 2019319715 The following person(s) is (are) doing business as: TIO PIN, 8911 BURNET AVENUE, NORTH HILLS, CA 91343. Full name of registrant(s) is (are) ELENA G ENRIQUEZ. This Business is conducted by: AN INDIVIDUAL. Signed: ELENA G ENRIQUEZ, OWNER. Publish: ES Mountain Views News Dec 14, 21, 28 and Jan 4, 2019

FICTITIOUS BUSINESS NAME STATEMENT File No. 2019319766 The following person(s) is (are) doing business as: LUNA'S PAINTING, 1119 E LA CEJE AVE, LOS ANGELES, CA 90039. Full name of registrant(s) is (are) JESUS ALFONSO LUNA MARTINEZ. This Business is conducted by: AN INDIVIDUAL. Signed: JESUS ALFONSO LUNA MARTINEZ, OWNER. Publish: ES Mountain Views News Dec 14, 21, 28 and Jan 4, 2019

FICTITIOUS BUSINESS NAME STATEMENT File No. 2019319789 The following person(s) is (are) doing business as: ACOART, 20695 SHERMAN WAY 220, WINNETKA, CA 91306. Full name of registrant(s) is (are) ALFREDO COETES OJEDA. This Business is conducted by: AN INDIVIDUAL. Signed: ALFREDO COETES OJEDA, OWNER. Publish: ES Mountain Views News Dec 14, 21, 28 and Jan 4, 2019

FICTITIOUS BUSINESS NAME STATEMENT File No. 2019319932 The following person(s) is (are) doing business as: GOLDEN ROOFING CO, 20414 SATICOY ST, WINNETKA, CA 91306. Full name of registrant(s) is (are) PREMIER ROOFING PRO INC. This Business is conducted by: A CORPORATION. Signed: MICHELLE WIZMAN, MANAGER. Publish: ES Mountain Views News Dec 14, 21, 28 and Jan 4, 2019

FICTITIOUS BUSINESS NAME STATEMENT File No. 2019319966 The following person(s) is (are) doing business as: BUILDER ROOFING, 23224 COLLINS ST, WOODLAND HILLS, CA 91367. Full name of registrant(s) is (are) L & S ROOFING & BUILDER GROUP, INC. This Business is conducted by: A CORPORATION. Signed: MICHELLE WIZMAN, MANAGER. Publish: ES Mountain Views News Dec 14, 21, 28 and Jan 4, 2019

FICTITIOUS BUSINESS NAME STATEMENT File No. 2019319990 The following person(s) is (are) doing business as: CATALAN CARRERA, 928 N SAN FERNANDO BLVD, STE J, BURBANK, CA 91504. Full name of registrant(s) is (are) FIDEL CATALAN CARRERA. This Business is conducted by: AN INDIVIDUAL. Signed: FIDEL CATALAN CARRERA, OWNER. Publish: ES Mountain Views News Dec 14, 21, 28 and Jan 4, 2019

FICTITIOUS BUSINESS NAME STATEMENT File No. 2019318215 The following person(s) is (are) doing business as: SERAFINA, 14945 VENTURA BLVD, 3907 SHERMAN OAKS, CA 91403. Full name of registrant(s) is (are) FARANAK MIHR MATLOOB. This Business is conducted by: AN INDIVIDUAL. Signed: FARANAK MIHR MATLOOB, OWNER. Publish: ES Mountain Views News Dec 14, 21, 28 and Jan 4, 2019

FICTITIOUS BUSINESS NAME STATEMENT File No. 2019310976 The following person(s) is (are) doing business as: POOGS DOOGHYAN, 12762 SHERMAN WAY, NORTH HOLLYWOOD, CA 91605. Full name of registrant(s) is (are) POOGS DOOGHYAN. This Business is conducted by: AN INDIVIDUAL. Signed: POOGS DOOGHYAN, OWNER. Publish: ES Mountain Views News Dec 14, 21, 28 and Jan 4, 2019

Mountain Views News 80 W Sierra Madre Blvd. No. 327 Sierra Madre, Ca. 91024 Office: 626.355.2737 Fax: 626.609.3285 Email: editor@mtnviewsnews.com Website: www.mtnviewsnews.com
